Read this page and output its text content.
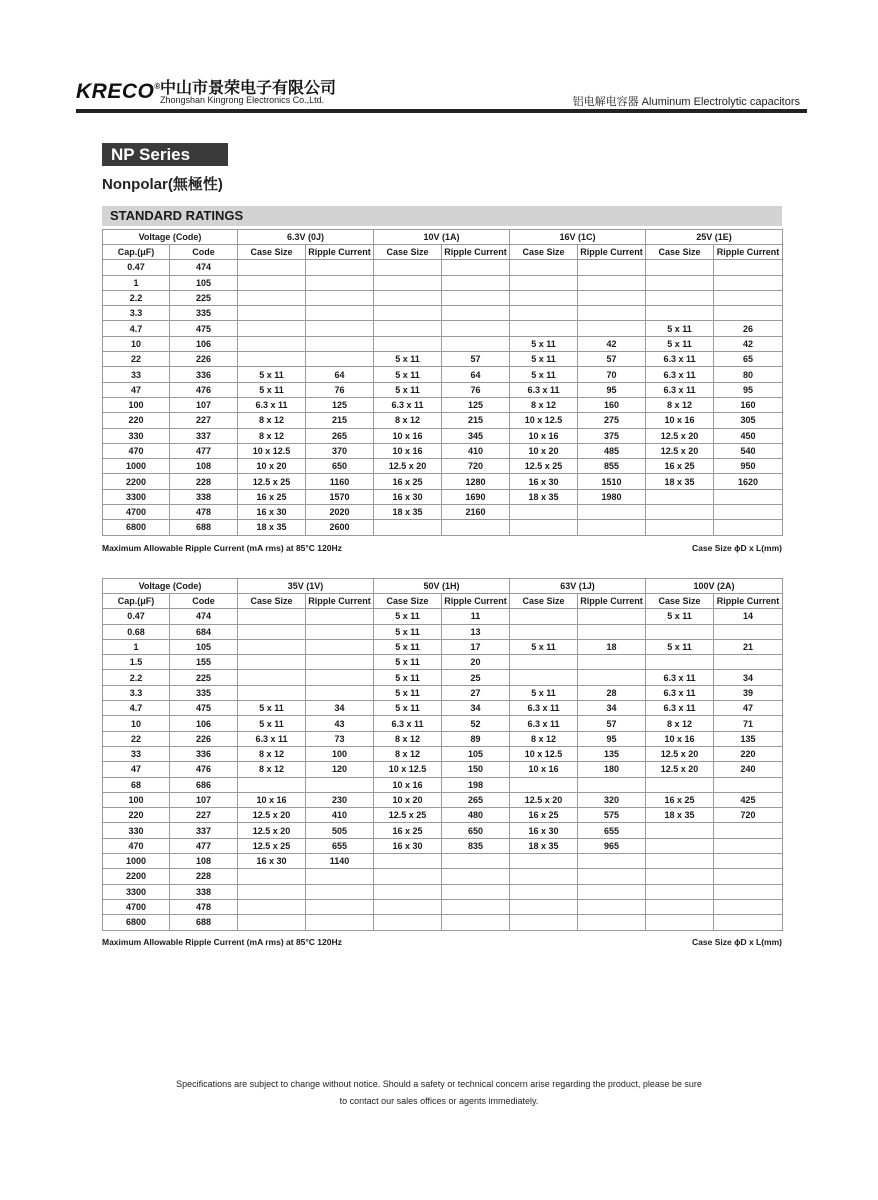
KRECO® 中山市景荣电子有限公司
Zhongshan Kingrong Electronics Co.,Ltd.	铝电解电容器 Aluminum Electrolytic capacitors
NP Series
Nonpolar(無極性)
STANDARD RATINGS
Voltage (Code)		6.3V (0J)		10V (1A)		16V (1C)		25V (1E)	
Cap.(μF)	Code	Case Size	Ripple Current	Case Size	Ripple Current	Case Size	Ripple Current	Case Size	Ripple Current
0.47	474								
1	105								
2.2	225								
3.3	335								
4.7	475							5 x 11	26
10	106					5 x 11	42	5 x 11	42
22	226			5 x 11	57	5 x 11	57	6.3 x 11	65
33	336	5 x 11	64	5 x 11	64	5 x 11	70	6.3 x 11	80
47	476	5 x 11	76	5 x 11	76	6.3 x 11	95	6.3 x 11	95
100	107	6.3 x 11	125	6.3 x 11	125	8 x 12	160	8 x 12	160
220	227	8 x 12	215	8 x 12	215	10 x 12.5	275	10 x 16	305
330	337	8 x 12	265	10 x 16	345	10 x 16	375	12.5 x 20	450
470	477	10 x 12.5	370	10 x 16	410	10 x 20	485	12.5 x 20	540
1000	108	10 x 20	650	12.5 x 20	720	12.5 x 25	855	16 x 25	950
2200	228	12.5 x 25	1160	16 x 25	1280	16 x 30	1510	18 x 35	1620
3300	338	16 x 25	1570	16 x 30	1690	18 x 35	1980		
4700	478	16 x 30	2020	18 x 35	2160				
6800	688	18 x 35	2600						
Maximum Allowable Ripple Current (mA rms) at 85°C 120Hz	Case Size ϕD x L(mm)
Voltage (Code)		35V (1V)		50V (1H)		63V (1J)		100V (2A)	
Cap.(μF)	Code	Case Size	Ripple Current	Case Size	Ripple Current	Case Size	Ripple Current	Case Size	Ripple Current
0.47	474			5 x 11	11			5 x 11	14
0.68	684			5 x 11	13				
1	105			5 x 11	17	5 x 11	18	5 x 11	21
1.5	155			5 x 11	20				
2.2	225			5 x 11	25			6.3 x 11	34
3.3	335			5 x 11	27	5 x 11	28	6.3 x 11	39
4.7	475	5 x 11	34	5 x 11	34	6.3 x 11	34	6.3 x 11	47
10	106	5 x 11	43	6.3 x 11	52	6.3 x 11	57	8 x 12	71
22	226	6.3 x 11	73	8 x 12	89	8 x 12	95	10 x 16	135
33	336	8 x 12	100	8 x 12	105	10 x 12.5	135	12.5 x 20	220
47	476	8 x 12	120	10 x 12.5	150	10 x 16	180	12.5 x 20	240
68	686			10 x 16	198				
100	107	10 x 16	230	10 x 20	265	12.5 x 20	320	16 x 25	425
220	227	12.5 x 20	410	12.5 x 25	480	16 x 25	575	18 x 35	720
330	337	12.5 x 20	505	16 x 25	650	16 x 30	655		
470	477	12.5 x 25	655	16 x 30	835	18 x 35	965		
1000	108	16 x 30	1140						
2200	228								
3300	338								
4700	478								
6800	688								
Maximum Allowable Ripple Current (mA rms) at 85°C 120Hz	Case Size ϕD x L(mm)
Specifications are subject to change without notice. Should a safety or technical concern arise regarding the product, please be sure
to contact our sales offices or agents immediately.
